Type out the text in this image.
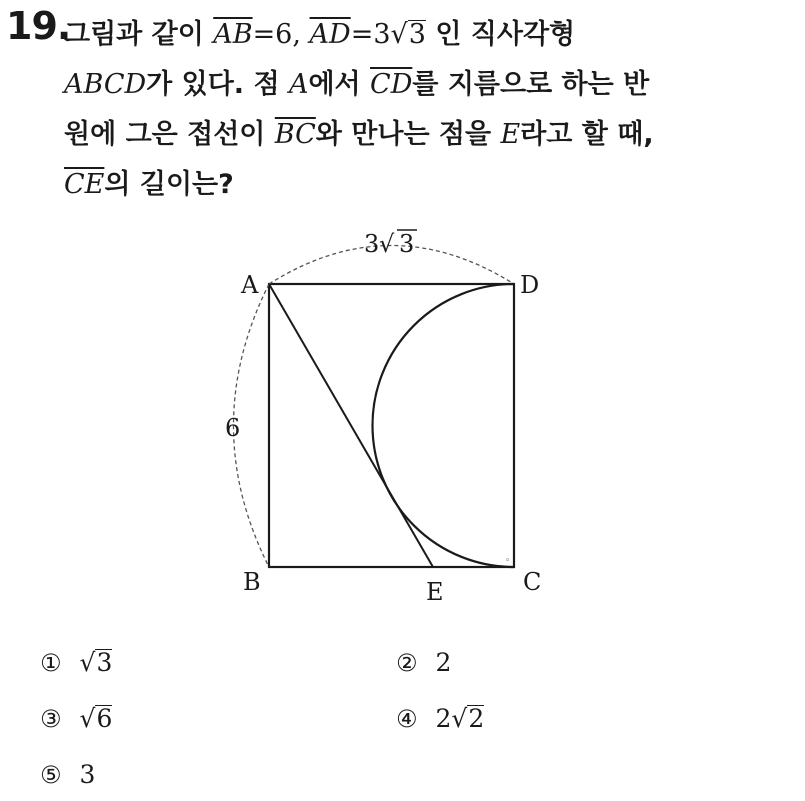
19.
그림과 같이 $\overline{AB}=6$, $\overline{AD}=3√3$ 인 직사각형
ABCD가 있다. 점 A에서 $\overline{CD}$를 지름으로 하는 반
원에 그은 접선이 $\overline{BC}$와 만나는 점을 E라고 할 때,
$\overline{CE}$의 길이는?
◦
A	D
B	C
E
6
3 √ 3
① √3	② 2
③ √6	④ 2√2
⑤ 3
